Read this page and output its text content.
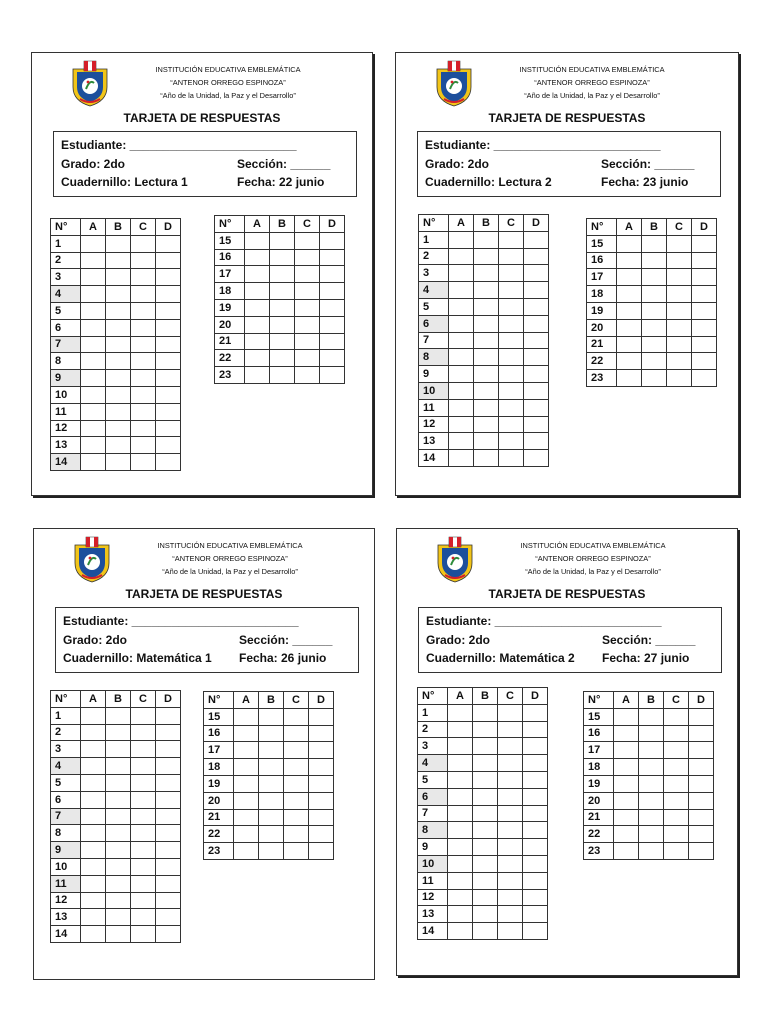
INSTITUCIÓN EDUCATIVA EMBLEMÁTICA
“ANTENOR ORREGO ESPINOZA”
“Año de la Unidad, la Paz y el Desarrollo”
TARJETA DE RESPUESTAS
Estudiante: _________________________
Grado: 2do	Sección: ______
Cuadernillo: Lectura 1	Fecha: 22 junio
N°	A	B	C	D
1				
2				
3				
4				
5				
6				
7				
8				
9				
10				
11				
12				
13				
14				
N°	A	B	C	D
15				
16				
17				
18				
19				
20				
21				
22				
23				
INSTITUCIÓN EDUCATIVA EMBLEMÁTICA
“ANTENOR ORREGO ESPINOZA”
“Año de la Unidad, la Paz y el Desarrollo”
TARJETA DE RESPUESTAS
Estudiante: _________________________
Grado: 2do	Sección: ______
Cuadernillo: Lectura 2	Fecha: 23 junio
N°	A	B	C	D
1				
2				
3				
4				
5				
6				
7				
8				
9				
10				
11				
12				
13				
14				
N°	A	B	C	D
15				
16				
17				
18				
19				
20				
21				
22				
23				
INSTITUCIÓN EDUCATIVA EMBLEMÁTICA
“ANTENOR ORREGO ESPINOZA”
“Año de la Unidad, la Paz y el Desarrollo”
TARJETA DE RESPUESTAS
Estudiante: _________________________
Grado: 2do	Sección: ______
Cuadernillo: Matemática 1	Fecha: 26 junio
N°	A	B	C	D
1				
2				
3				
4				
5				
6				
7				
8				
9				
10				
11				
12				
13				
14				
N°	A	B	C	D
15				
16				
17				
18				
19				
20				
21				
22				
23				
INSTITUCIÓN EDUCATIVA EMBLEMÁTICA
“ANTENOR ORREGO ESPINOZA”
“Año de la Unidad, la Paz y el Desarrollo”
TARJETA DE RESPUESTAS
Estudiante: _________________________
Grado: 2do	Sección: ______
Cuadernillo: Matemática 2	Fecha: 27 junio
N°	A	B	C	D
1				
2				
3				
4				
5				
6				
7				
8				
9				
10				
11				
12				
13				
14				
N°	A	B	C	D
15				
16				
17				
18				
19				
20				
21				
22				
23				
